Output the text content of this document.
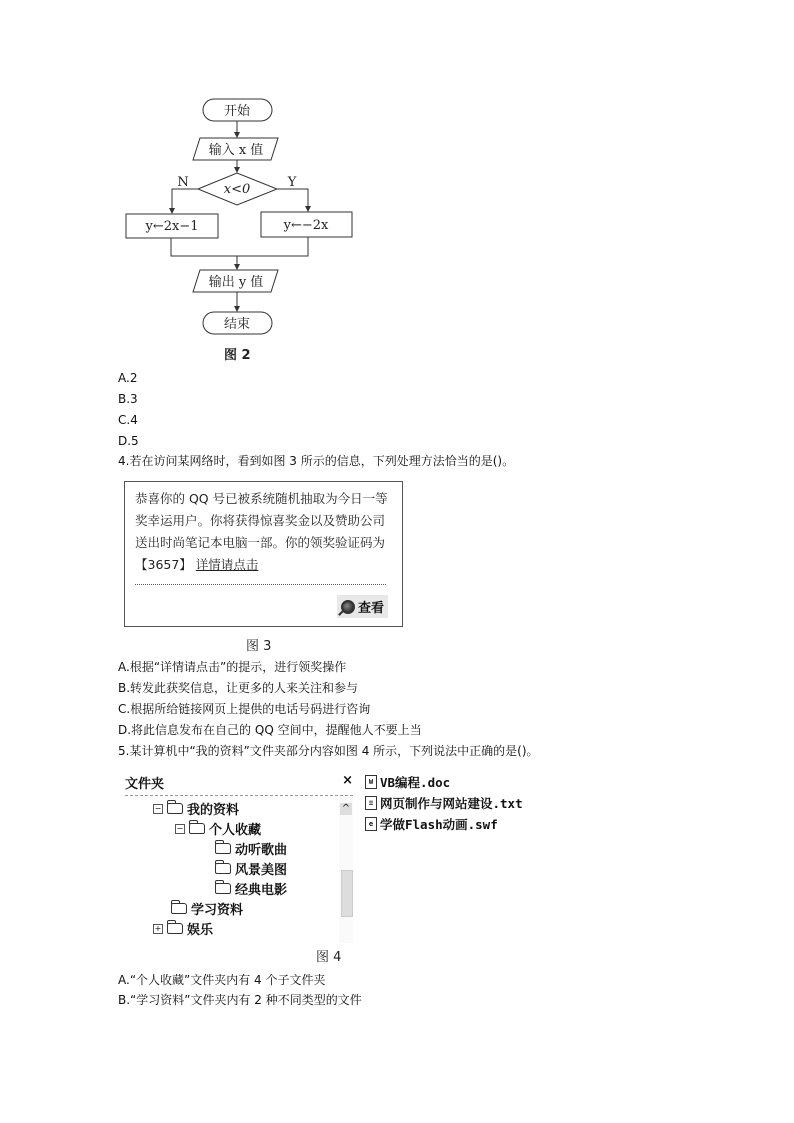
开始
输入 x 值
x<0
N	Y
y←2x−1	y←−2x
输出 y 值
结束
图 2
A.2
B.3
C.4
D.5
4.若在访问某网络时，看到如图 3 所示的信息，下列处理方法恰当的是()。
恭喜你的 QQ 号已被系统随机抽取为今日一等奖幸运用户。你将获得惊喜奖金以及赞助公司送出时尚笔记本电脑一部。你的领奖验证码为【3657】 详情请点击
查看
图 3
A.根据“详情请点击”的提示，进行领奖操作
B.转发此获奖信息，让更多的人来关注和参与
C.根据所给链接网页上提供的电话号码进行咨询
D.将此信息发布在自己的 QQ 空间中，提醒他人不要上当
5.某计算机中“我的资料”文件夹部分内容如图 4 所示，下列说法中正确的是()。
文件夹	×
− 我的资料
− 个人收藏
动听歌曲
风景美图
经典电影
学习资料
+ 娱乐
^
W VB编程.doc
≡ 网页制作与网站建设.txt
e 学做Flash动画.swf
图 4
A.“个人收藏”文件夹内有 4 个子文件夹
B.“学习资料”文件夹内有 2 种不同类型的文件
